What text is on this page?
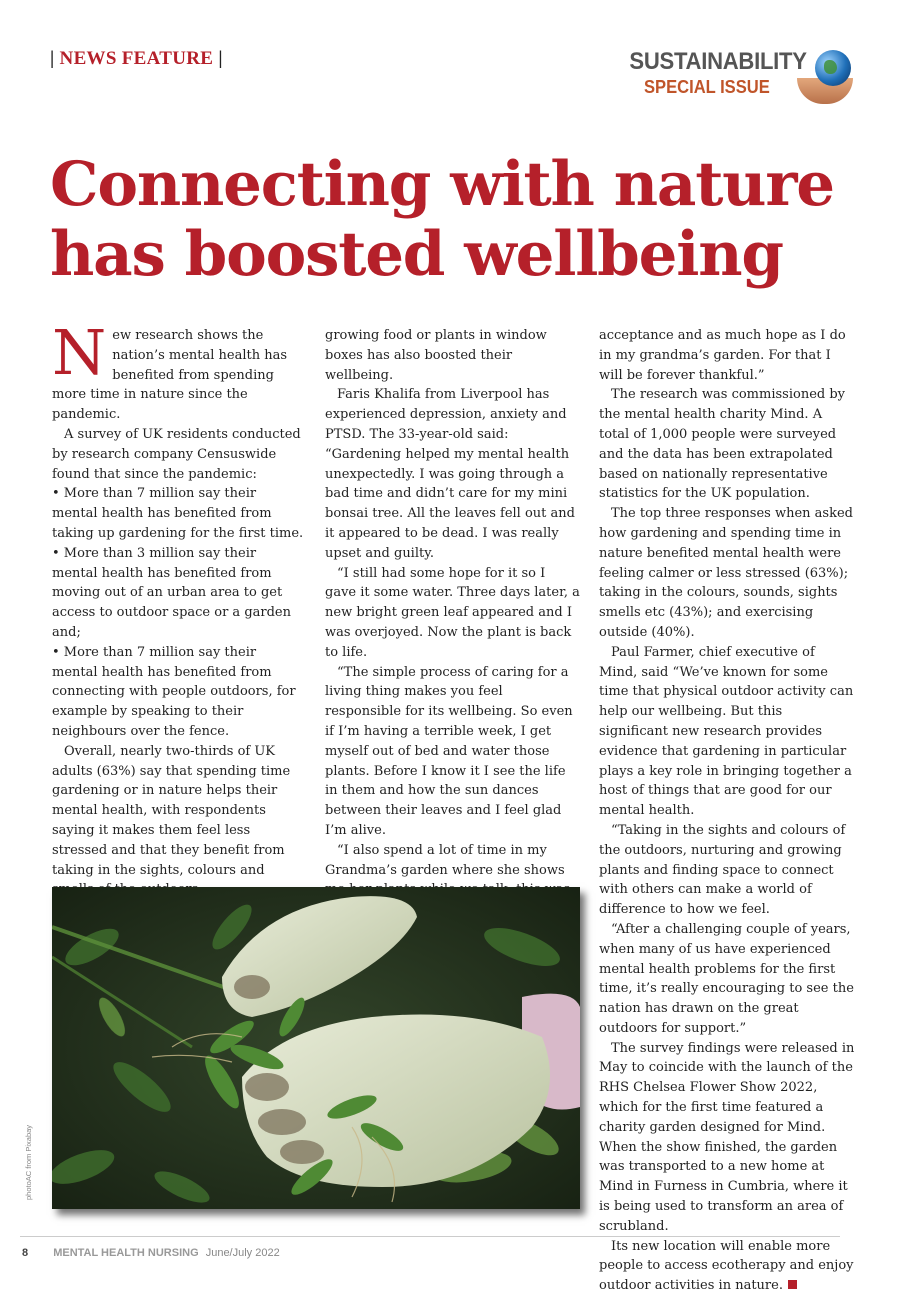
| NEWS FEATURE |	SUSTAINABILITY
SPECIAL ISSUE
Connecting with nature has boosted wellbeing

New research shows the nation’s mental health has benefited from spending more time in nature since the pandemic.

A survey of UK residents conducted by research company Censuswide found that since the pandemic:

• More than 7 million say their mental health has benefited from taking up gardening for the first time.

• More than 3 million say their mental health has benefited from moving out of an urban area to get access to outdoor space or a garden and;

• More than 7 million say their mental health has benefited from connecting with people outdoors, for example by speaking to their neighbours over the fence.

Overall, nearly two-thirds of UK adults (63%) say that spending time gardening or in nature helps their mental health, with respondents saying it makes them feel less stressed and that they benefit from taking in the sights, colours and

growing food or plants in window boxes has also boosted their wellbeing.

Faris Khalifa from Liverpool has experienced depression, anxiety and PTSD. The 33-year-old said: “Gardening helped my mental health unexpectedly. I was going through a bad time and didn’t care for my mini bonsai tree. All the leaves fell out and it appeared to be dead. I was really upset and guilty.

“I still had some hope for it so I gave it some water. Three days later, a new bright green leaf appeared and I was overjoyed. Now the plant is back to life.

“The simple process of caring for a living thing makes you feel responsible for its wellbeing. So even if I’m having a terrible week, I get myself out of bed and water those plants. Before I know it I see the life in them and how the sun dances between their leaves and I feel glad I’m alive.

“I also spend a lot of time in my Grandma’s garden where she shows

acceptance and as much hope as I do in my grandma’s garden. For that I will be forever thankful.”

The research was commissioned by the mental health charity Mind. A total of 1,000 people were surveyed and the data has been extrapolated based on nationally representative statistics for the UK population.

The top three responses when asked how gardening and spending time in nature benefited mental health were feeling calmer or less stressed (63%); taking in the colours, sounds, sights smells etc (43%); and exercising outside (40%).

Paul Farmer, chief executive of Mind, said “We’ve known for some time that physical outdoor activity can help our wellbeing. But this significant new research provides evidence that gardening in particular plays a key role in bringing together a host of things that are good for our mental health.

“Taking in the sights and colours of the outdoors, nurturing and growing plants and finding space to connect with others can make a world of difference to how we feel.

“After a challenging couple of years, when many of us have experienced mental health problems for the first time, it’s really encouraging to see the nation has drawn on the great outdoors for support.”

The survey findings were released in May to coincide with the launch of the RHS Chelsea Flower Show 2022, which for the first time featured a charity garden designed for Mind. When the show finished, the garden was transported to a new home at Mind in Furness in Cumbria, where it is being used to transform an area of scrubland.

Its new location will enable more people to access ecotherapy and enjoy outdoor activities in nature.

photoAC from Pixabay
8 MENTAL HEALTH NURSING June/July 2022
